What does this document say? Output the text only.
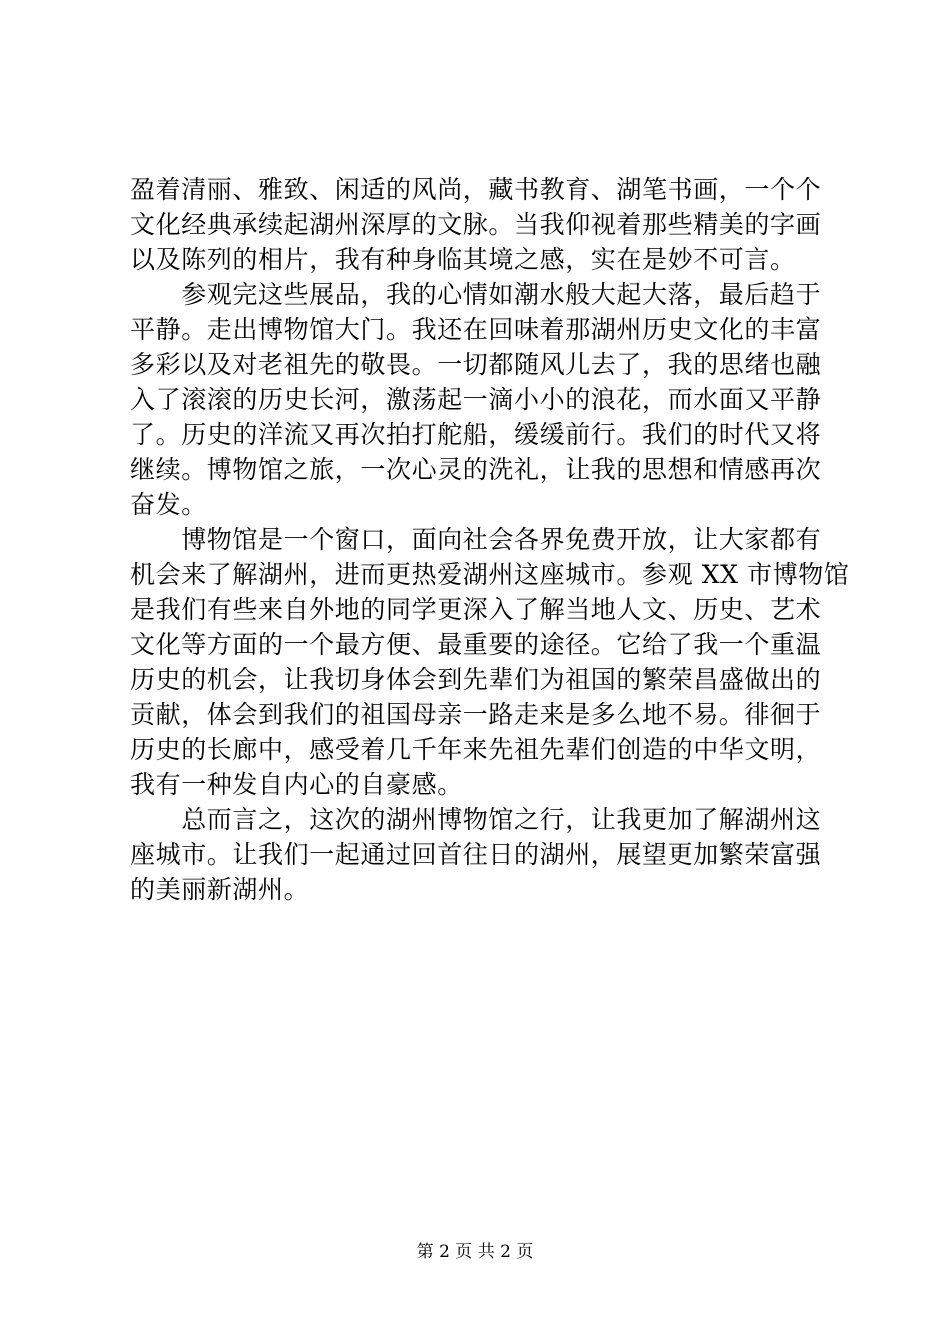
盈着清丽、雅致、闲适的风尚，藏书教育、湖笔书画，一个个
文化经典承续起湖州深厚的文脉。当我仰视着那些精美的字画
以及陈列的相片，我有种身临其境之感，实在是妙不可言。
　　参观完这些展品，我的心情如潮水般大起大落，最后趋于
平静。走出博物馆大门。我还在回味着那湖州历史文化的丰富
多彩以及对老祖先的敬畏。一切都随风儿去了，我的思绪也融
入了滚滚的历史长河，激荡起一滴小小的浪花，而水面又平静
了。历史的洋流又再次拍打舵船，缓缓前行。我们的时代又将
继续。博物馆之旅，一次心灵的洗礼，让我的思想和情感再次
奋发。
　　博物馆是一个窗口，面向社会各界免费开放，让大家都有
机会来了解湖州，进而更热爱湖州这座城市。参观 XX 市博物馆
是我们有些来自外地的同学更深入了解当地人文、历史、艺术
文化等方面的一个最方便、最重要的途径。它给了我一个重温
历史的机会，让我切身体会到先辈们为祖国的繁荣昌盛做出的
贡献，体会到我们的祖国母亲一路走来是多么地不易。徘徊于
历史的长廊中，感受着几千年来先祖先辈们创造的中华文明，
我有一种发自内心的自豪感。
　　总而言之，这次的湖州博物馆之行，让我更加了解湖州这
座城市。让我们一起通过回首往日的湖州，展望更加繁荣富强
的美丽新湖州。
第 2 页 共 2 页
